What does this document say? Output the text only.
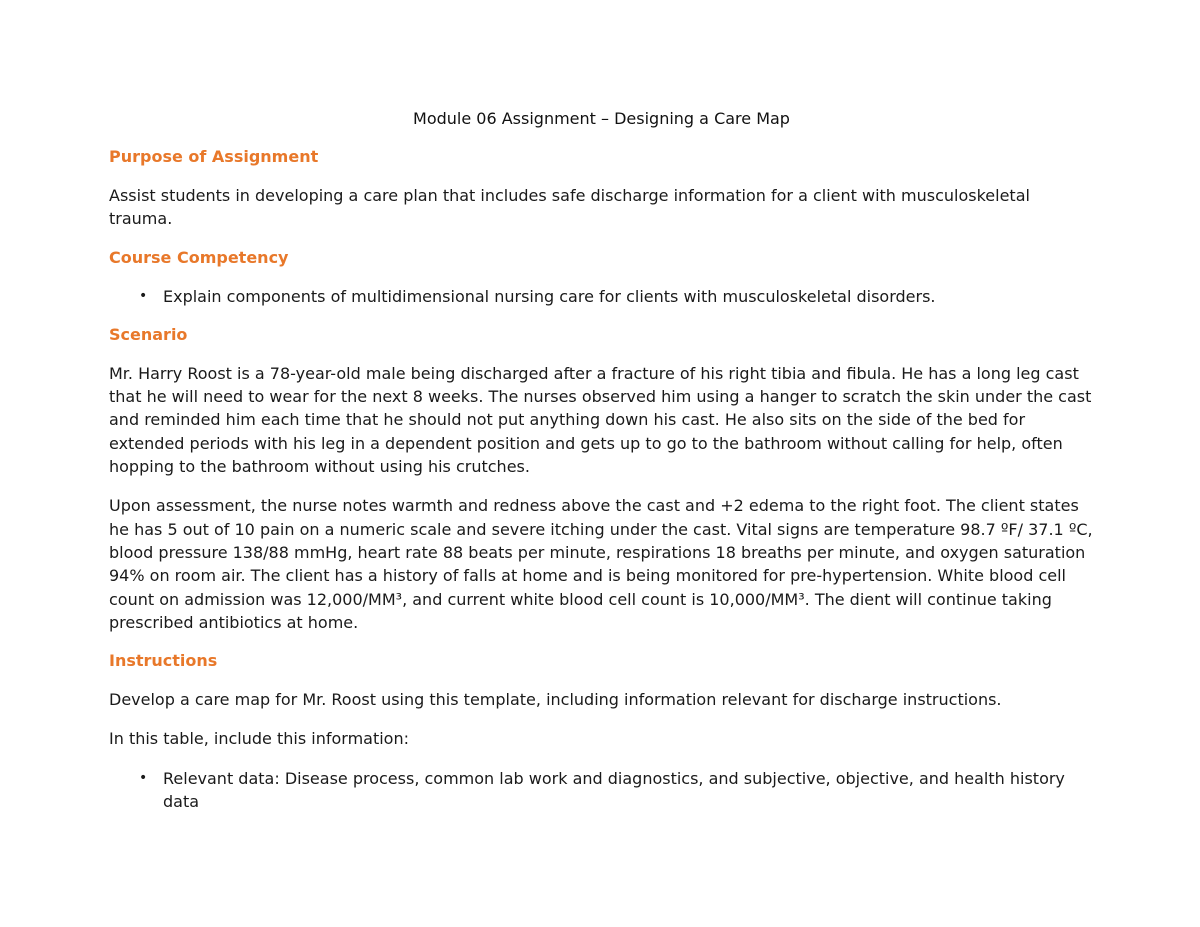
Module 06 Assignment – Designing a Care Map
Purpose of Assignment

Assist students in developing a care plan that includes safe discharge information for a client with musculoskeletal trauma.

Course Competency
• Explain components of multidimensional nursing care for clients with musculoskeletal disorders.
Scenario

Mr. Harry Roost is a 78-year-old male being discharged after a fracture of his right tibia and fibula. He has a long leg cast that he will need to wear for the next 8 weeks. The nurses observed him using a hanger to scratch the skin under the cast and reminded him each time that he should not put anything down his cast. He also sits on the side of the bed for extended periods with his leg in a dependent position and gets up to go to the bathroom without calling for help, often hopping to the bathroom without using his crutches.

Upon assessment, the nurse notes warmth and redness above the cast and +2 edema to the right foot. The client states he has 5 out of 10 pain on a numeric scale and severe itching under the cast. Vital signs are temperature 98.7 ºF/ 37.1 ºC, blood pressure 138/88 mmHg, heart rate 88 beats per minute, respirations 18 breaths per minute, and oxygen saturation 94% on room air. The client has a history of falls at home and is being monitored for pre-hypertension. White blood cell count on admission was 12,000/MM³, and current white blood cell count is 10,000/MM³. The dient will continue taking prescribed antibiotics at home.

Instructions

Develop a care map for Mr. Roost using this template, including information relevant for discharge instructions.

In this table, include this information:

• Relevant data: Disease process, common lab work and diagnostics, and subjective, objective, and health history data
